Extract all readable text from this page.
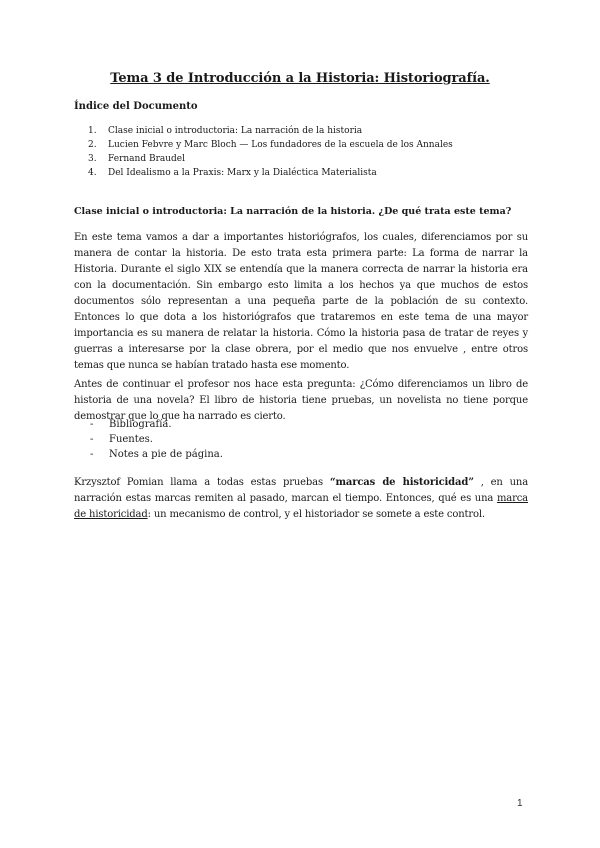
Tema 3 de Introducción a la Historia: Historiografía.
Índice del Documento
1. Clase inicial o introductoria: La narración de la historia
2. Lucien Febvre y Marc Bloch — Los fundadores de la escuela de los Annales
3. Fernand Braudel
4. Del Idealismo a la Praxis: Marx y la Dialéctica Materialista
Clase inicial o introductoria: La narración de la historia. ¿De qué trata este tema?

En este tema vamos a dar a importantes historiógrafos, los cuales, diferenciamos por su manera de contar la historia. De esto trata esta primera parte: La forma de narrar la Historia. Durante el siglo XIX se entendía que la manera correcta de narrar la historia era con la documentación. Sin embargo esto limita a los hechos ya que muchos de estos documentos sólo representan a una pequeña parte de la población de su contexto. Entonces lo que dota a los historiógrafos que trataremos en este tema de una mayor importancia es su manera de relatar la historia. Cómo la historia pasa de tratar de reyes y guerras a interesarse por la clase obrera, por el medio que nos envuelve , entre otros temas que nunca se habían tratado hasta ese momento.

Antes de continuar el profesor nos hace esta pregunta: ¿Cómo diferenciamos un libro de historia de una novela? El libro de historia tiene pruebas, un novelista no tiene porque demostrar que lo que ha narrado es cierto.

- Bibliografía.
- Fuentes.
- Notes a pie de página.

Krzysztof Pomian llama a todas estas pruebas “marcas de historicidad” , en una narración estas marcas remiten al pasado, marcan el tiempo. Entonces, qué es una marca de historicidad: un mecanismo de control, y el historiador se somete a este control.

1
